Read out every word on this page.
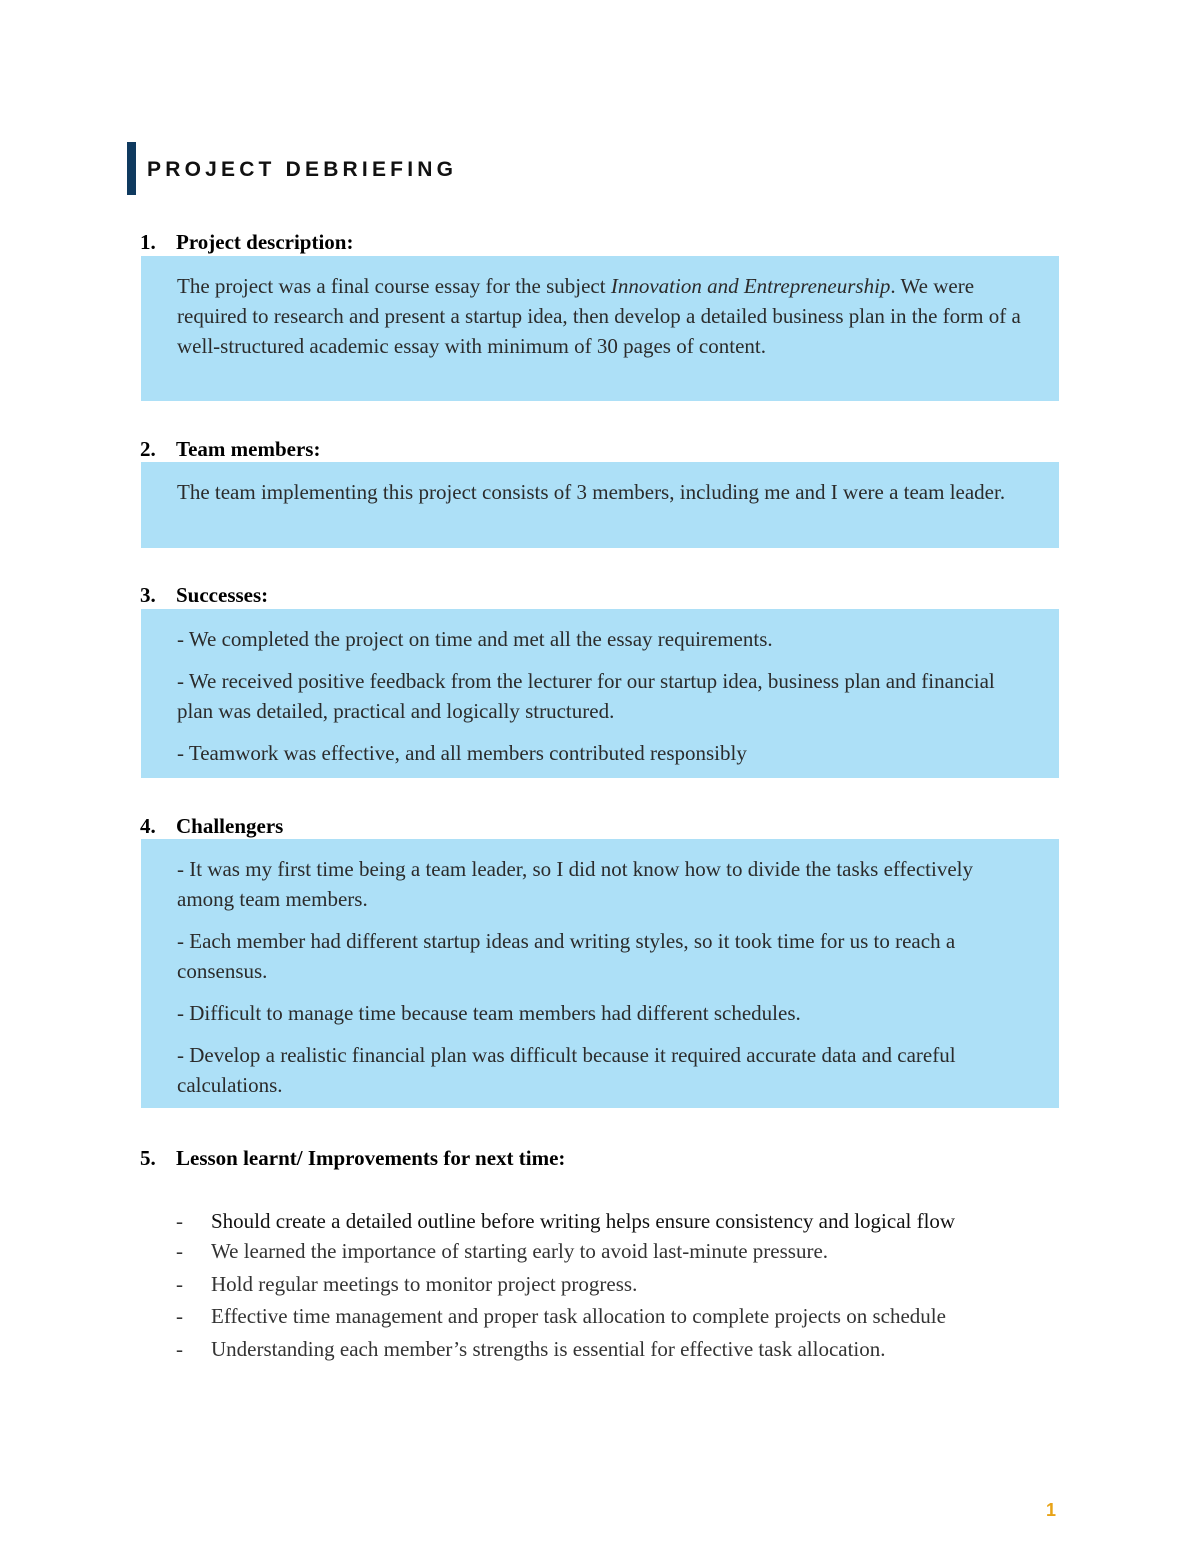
PROJECT DEBRIEFING
1. Project description:

The project was a final course essay for the subject Innovation and Entrepreneurship. We were required to research and present a startup idea, then develop a detailed business plan in the form of a well-structured academic essay with minimum of 30 pages of content.

2. Team members:

The team implementing this project consists of 3 members, including me and I were a team leader.

3. Successes:

- We completed the project on time and met all the essay requirements.

- We received positive feedback from the lecturer for our startup idea, business plan and financial plan was detailed, practical and logically structured.

- Teamwork was effective, and all members contributed responsibly

4. Challengers

- It was my first time being a team leader, so I did not know how to divide the tasks effectively among team members.

- Each member had different startup ideas and writing styles, so it took time for us to reach a consensus.

- Difficult to manage time because team members had different schedules.

- Develop a realistic financial plan was difficult because it required accurate data and careful calculations.

5. Lesson learnt/ Improvements for next time:
- Should create a detailed outline before writing helps ensure consistency and logical flow
- We learned the importance of starting early to avoid last-minute pressure.
- Hold regular meetings to monitor project progress.
- Effective time management and proper task allocation to complete projects on schedule
- Understanding each member’s strengths is essential for effective task allocation.
1
